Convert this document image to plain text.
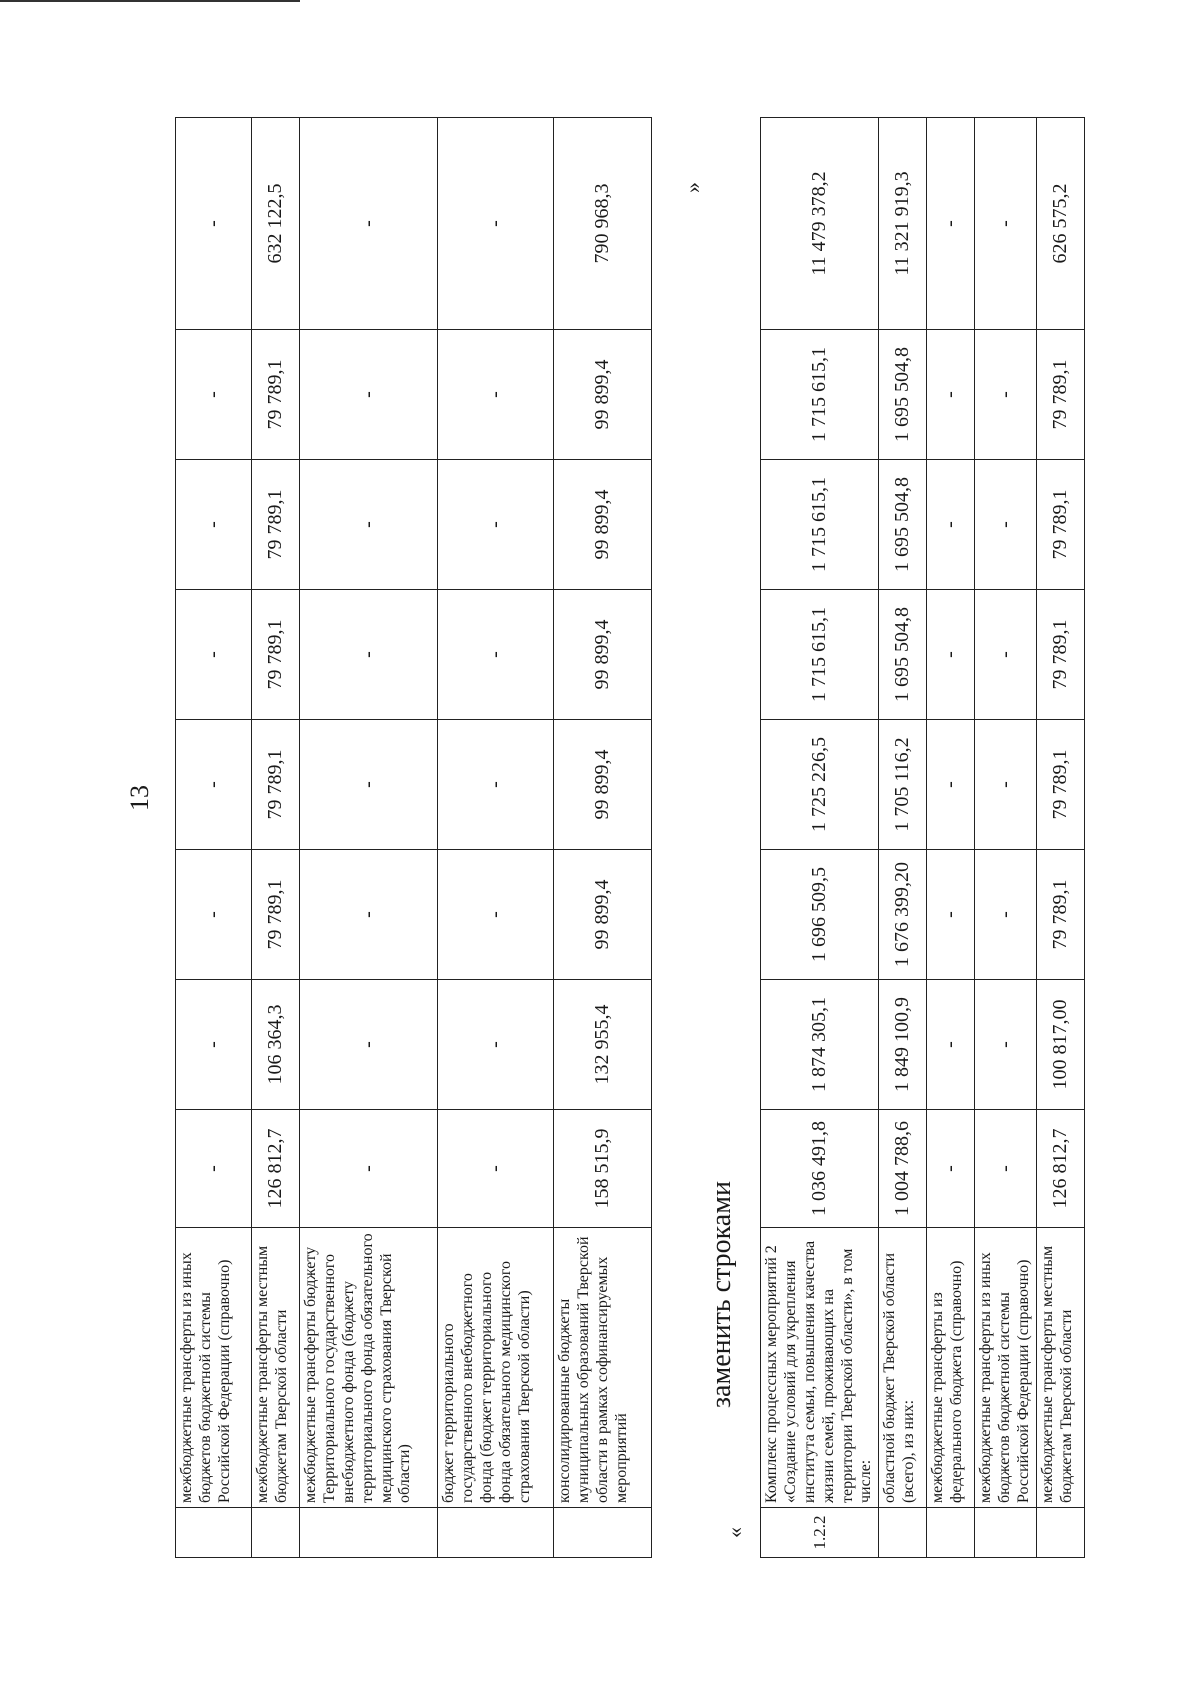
13
	межбюджетные трансферты из иных бюджетов бюджетной системы Российской Федерации (справочно)	-	-	-	-	-	-	-	-
	межбюджетные трансферты местным бюджетам Тверской области	126 812,7	106 364,3	79 789,1	79 789,1	79 789,1	79 789,1	79 789,1	632 122,5
	межбюджетные трансферты бюджету Территориального государственного внебюджетного фонда (бюджету территориального фонда обязательного медицинского страхования Тверской области)	-	-	-	-	-	-	-	-
	бюджет территориального государственного внебюджетного фонда (бюджет территориального фонда обязательного медицинского страхования Тверской области)	-	-	-	-	-	-	-	-
	консолидированные бюджеты муниципальных образований Тверской области в рамках софинансируемых мероприятий	158 515,9	132 955,4	99 899,4	99 899,4	99 899,4	99 899,4	99 899,4	790 968,3
заменить строками
«
»
1.2.2	Комплекс процессных мероприятий 2 «Создание условий для укрепления института семьи, повышения качества жизни семей, проживающих на территории Тверской области», в том числе:	1 036 491,8	1 874 305,1	1 696 509,5	1 725 226,5	1 715 615,1	1 715 615,1	1 715 615,1	11 479 378,2
	областной бюджет Тверской области (всего), из них:	1 004 788,6	1 849 100,9	1 676 399,20	1 705 116,2	1 695 504,8	1 695 504,8	1 695 504,8	11 321 919,3
	межбюджетные трансферты из федерального бюджета (справочно)	-	-	-	-	-	-	-	-
	межбюджетные трансферты из иных бюджетов бюджетной системы Российской Федерации (справочно)	-	-	-	-	-	-	-	-
	межбюджетные трансферты местным бюджетам Тверской области	126 812,7	100 817,00	79 789,1	79 789,1	79 789,1	79 789,1	79 789,1	626 575,2
